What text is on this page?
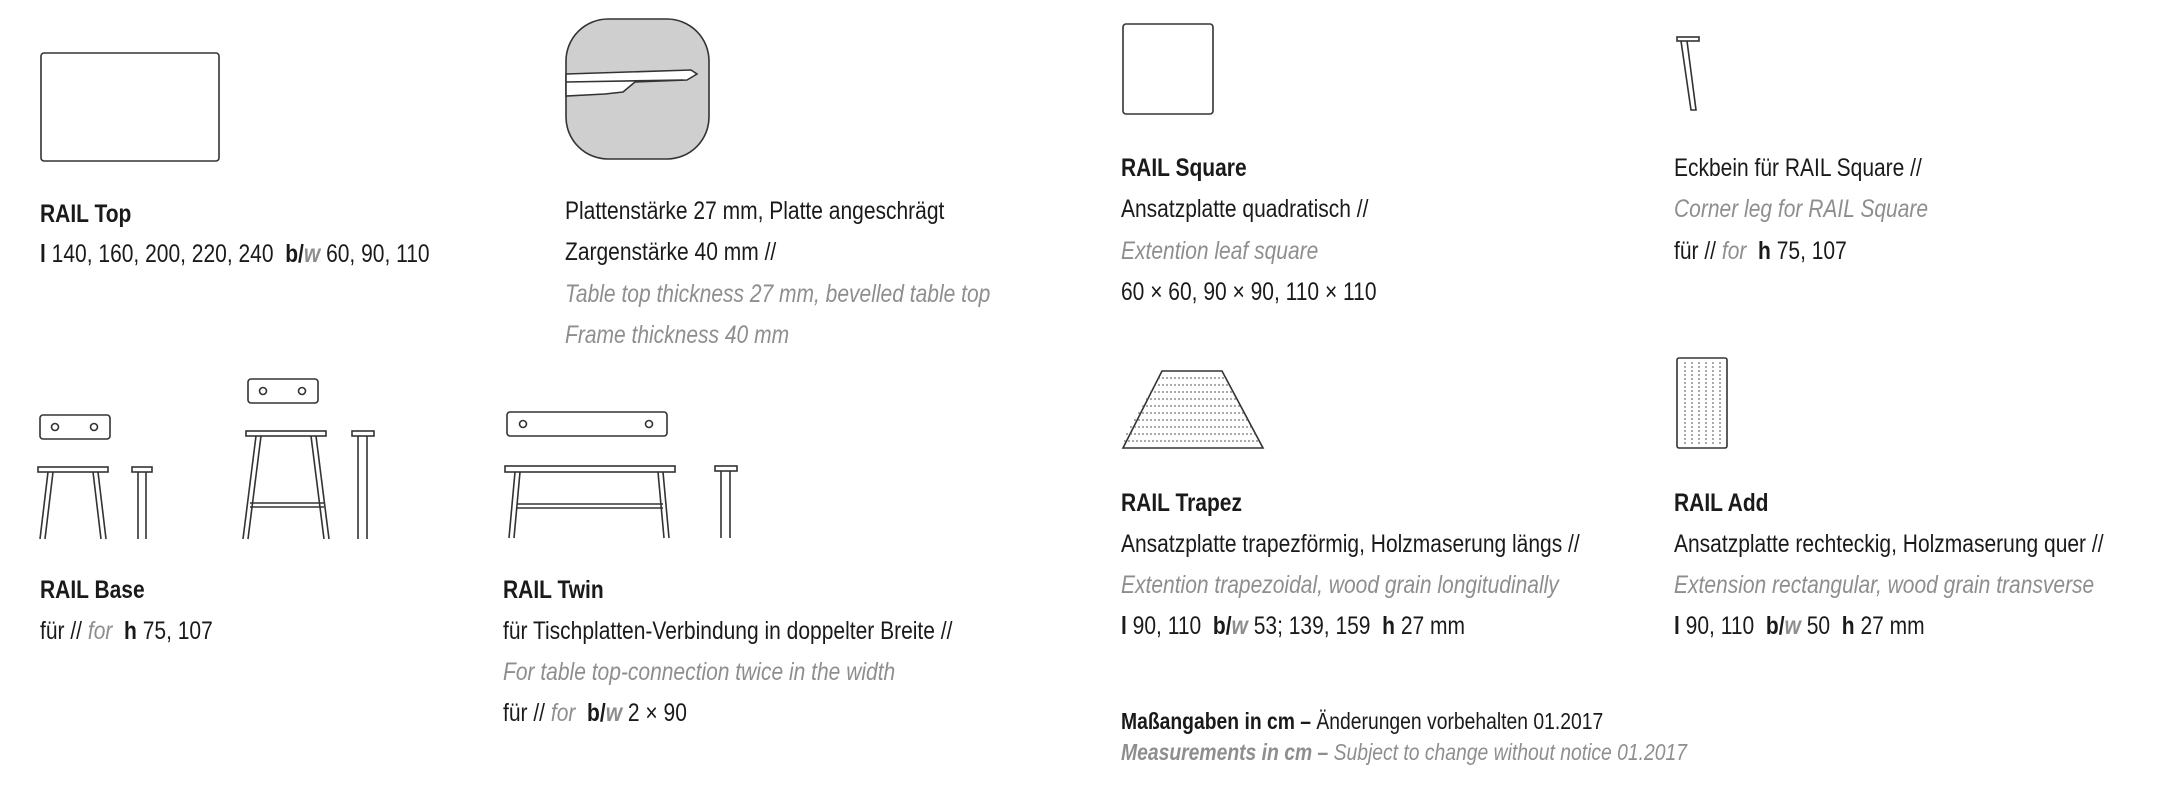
RAIL Top
l 140, 160, 200, 220, 240 b/w 60, 90, 110
Plattenstärke 27 mm, Platte angeschrägt
Zargenstärke 40 mm //
Table top thickness 27 mm, bevelled table top
Frame thickness 40 mm
RAIL Square
Ansatzplatte quadratisch //
Extention leaf square
60 × 60, 90 × 90, 110 × 110
Eckbein für RAIL Square //
Corner leg for RAIL Square
für // for h 75, 107
RAIL Base
für // for h 75, 107
RAIL Twin
für Tischplatten-Verbindung in doppelter Breite //
For table top-connection twice in the width
für // for b/w 2 × 90
RAIL Trapez
Ansatzplatte trapezförmig, Holzmaserung längs //
Extention trapezoidal, wood grain longitudinally
l 90, 110 b/w 53; 139, 159 h 27 mm
RAIL Add
Ansatzplatte rechteckig, Holzmaserung quer //
Extension rectangular, wood grain transverse
l 90, 110 b/w 50 h 27 mm
Maßangaben in cm – Änderungen vorbehalten 01.2017
Measurements in cm – Subject to change without notice 01.2017
